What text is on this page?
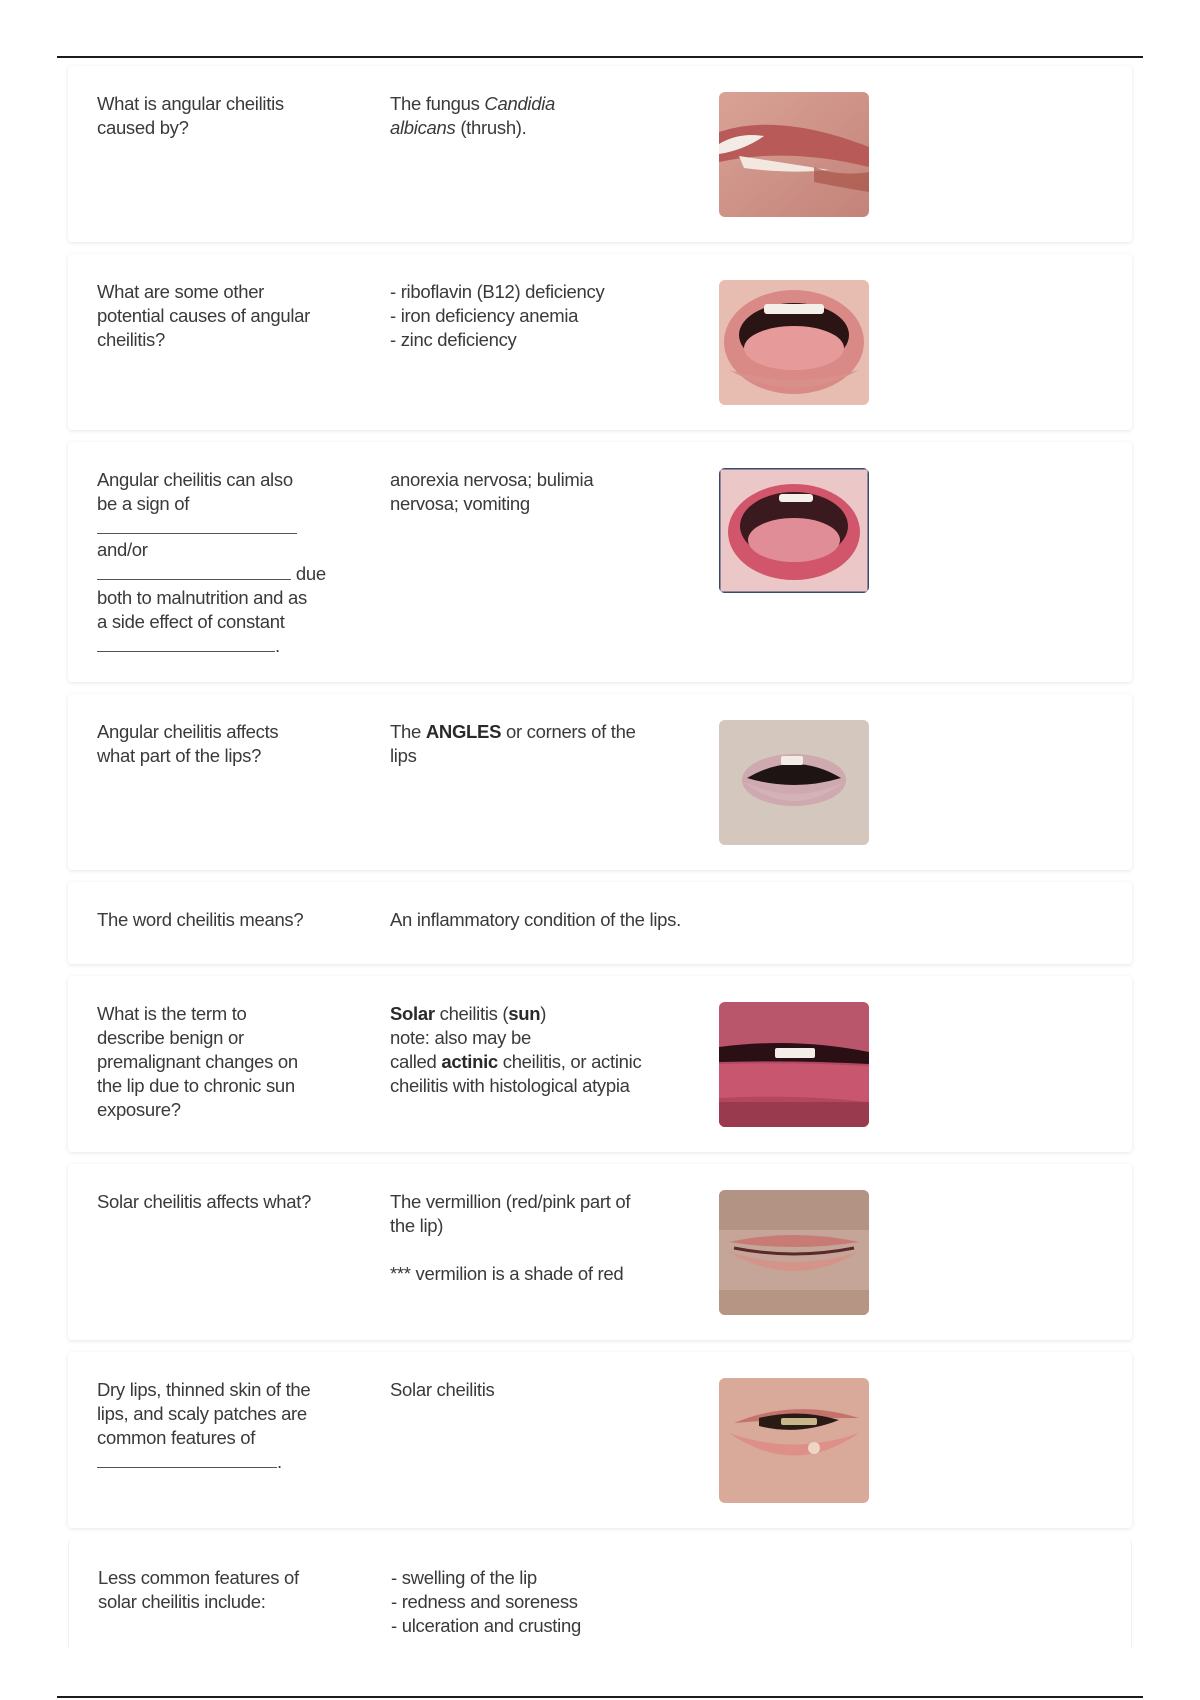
What is angular cheilitis
caused by?
The fungus Candidia
albicans (thrush).
What are some other
potential causes of angular
cheilitis?
- riboflavin (B12) deficiency
- iron deficiency anemia
- zinc deficiency
Angular cheilitis can also
be a sign of
and/or
due
both to malnutrition and as
a side effect of constant
.
anorexia nervosa; bulimia
nervosa; vomiting
Angular cheilitis affects
what part of the lips?
The ANGLES or corners of the
lips
The word cheilitis means?	An inflammatory condition of the lips.
What is the term to
describe benign or
premalignant changes on
the lip due to chronic sun
exposure?
Solar cheilitis (sun)
note: also may be
called actinic cheilitis, or actinic
cheilitis with histological atypia
Solar cheilitis affects what?	The vermillion (red/pink part of
the lip)
*** vermilion is a shade of red
Dry lips, thinned skin of the
lips, and scaly patches are
common features of
.
Solar cheilitis
Less common features of
solar cheilitis include:
- swelling of the lip
- redness and soreness
- ulceration and crusting
